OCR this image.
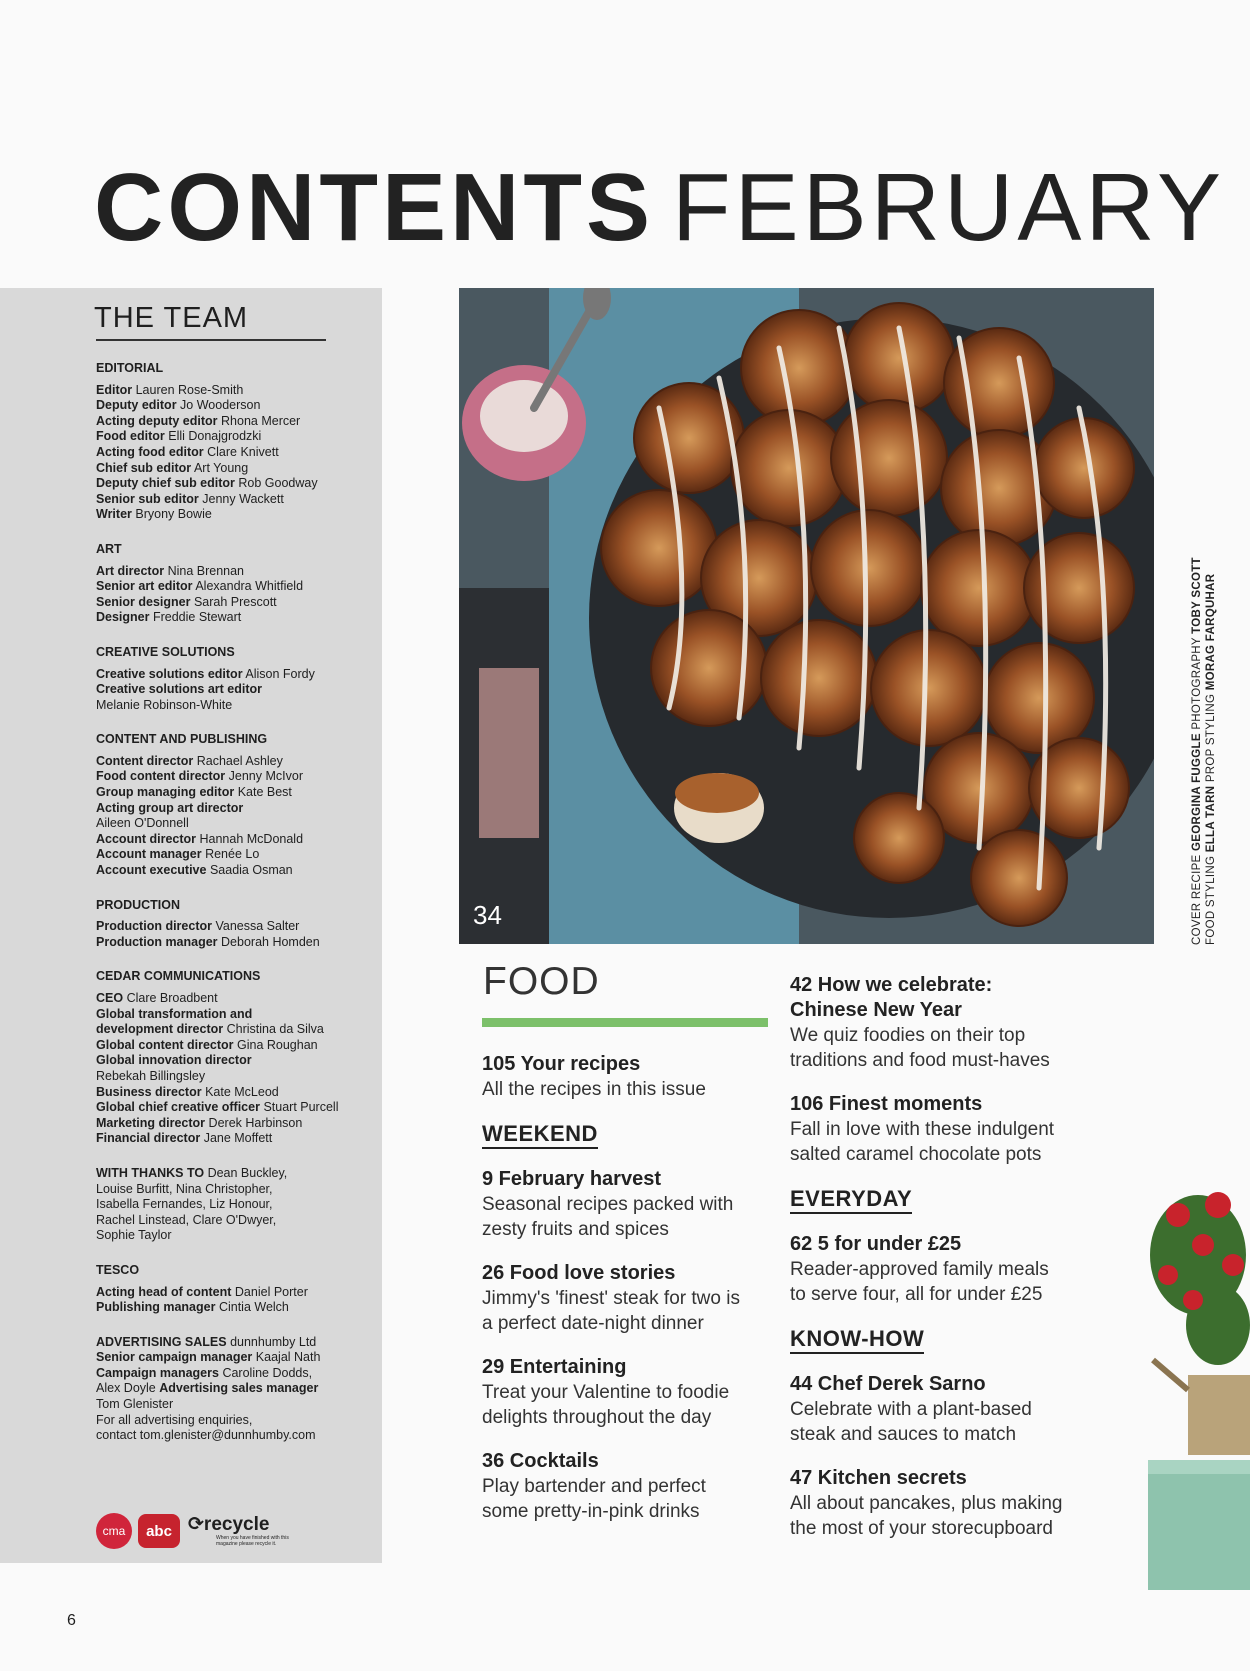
CONTENTS FEBRUARY
THE TEAM
EDITORIAL
Editor Lauren Rose-Smith
Deputy editor Jo Wooderson
Acting deputy editor Rhona Mercer
Food editor Elli Donajgrodzki
Acting food editor Clare Knivett
Chief sub editor Art Young
Deputy chief sub editor Rob Goodway
Senior sub editor Jenny Wackett
Writer Bryony Bowie
ART
Art director Nina Brennan
Senior art editor Alexandra Whitfield
Senior designer Sarah Prescott
Designer Freddie Stewart
CREATIVE SOLUTIONS
Creative solutions editor Alison Fordy
Creative solutions art editor
Melanie Robinson-White
CONTENT AND PUBLISHING
Content director Rachael Ashley
Food content director Jenny McIvor
Group managing editor Kate Best
Acting group art director
Aileen O'Donnell
Account director Hannah McDonald
Account manager Renée Lo
Account executive Saadia Osman
PRODUCTION
Production director Vanessa Salter
Production manager Deborah Homden
CEDAR COMMUNICATIONS
CEO Clare Broadbent
Global transformation and
development director Christina da Silva
Global content director Gina Roughan
Global innovation director
Rebekah Billingsley
Business director Kate McLeod
Global chief creative officer Stuart Purcell
Marketing director Derek Harbinson
Financial director Jane Moffett
WITH THANKS TO Dean Buckley,
Louise Burfitt, Nina Christopher,
Isabella Fernandes, Liz Honour,
Rachel Linstead, Clare O'Dwyer,
Sophie Taylor
TESCO
Acting head of content Daniel Porter
Publishing manager Cintia Welch
ADVERTISING SALES dunnhumby Ltd
Senior campaign manager Kaajal Nath
Campaign managers Caroline Dodds,
Alex Doyle Advertising sales manager
Tom Glenister
For all advertising enquiries,
contact tom.glenister@dunnhumby.com
cma	abc ⟳recycle
When you have finished with this magazine please recycle it.
34	COVER RECIPE GEORGINA FUGGLE PHOTOGRAPHY TOBY SCOTT
FOOD STYLING ELLA TARN PROP STYLING MORAG FARQUHAR
FOOD
105 Your recipes
All the recipes in this issue
WEEKEND
9 February harvest
Seasonal recipes packed with
zesty fruits and spices
26 Food love stories
Jimmy's 'finest' steak for two is
a perfect date-night dinner
29 Entertaining
Treat your Valentine to foodie
delights throughout the day
36 Cocktails
Play bartender and perfect
some pretty-in-pink drinks
42 How we celebrate:
Chinese New Year
We quiz foodies on their top
traditions and food must-haves
106 Finest moments
Fall in love with these indulgent
salted caramel chocolate pots
EVERYDAY
62 5 for under £25
Reader-approved family meals
to serve four, all for under £25
KNOW-HOW
44 Chef Derek Sarno
Celebrate with a plant-based
steak and sauces to match
47 Kitchen secrets
All about pancakes, plus making
the most of your storecupboard
6
